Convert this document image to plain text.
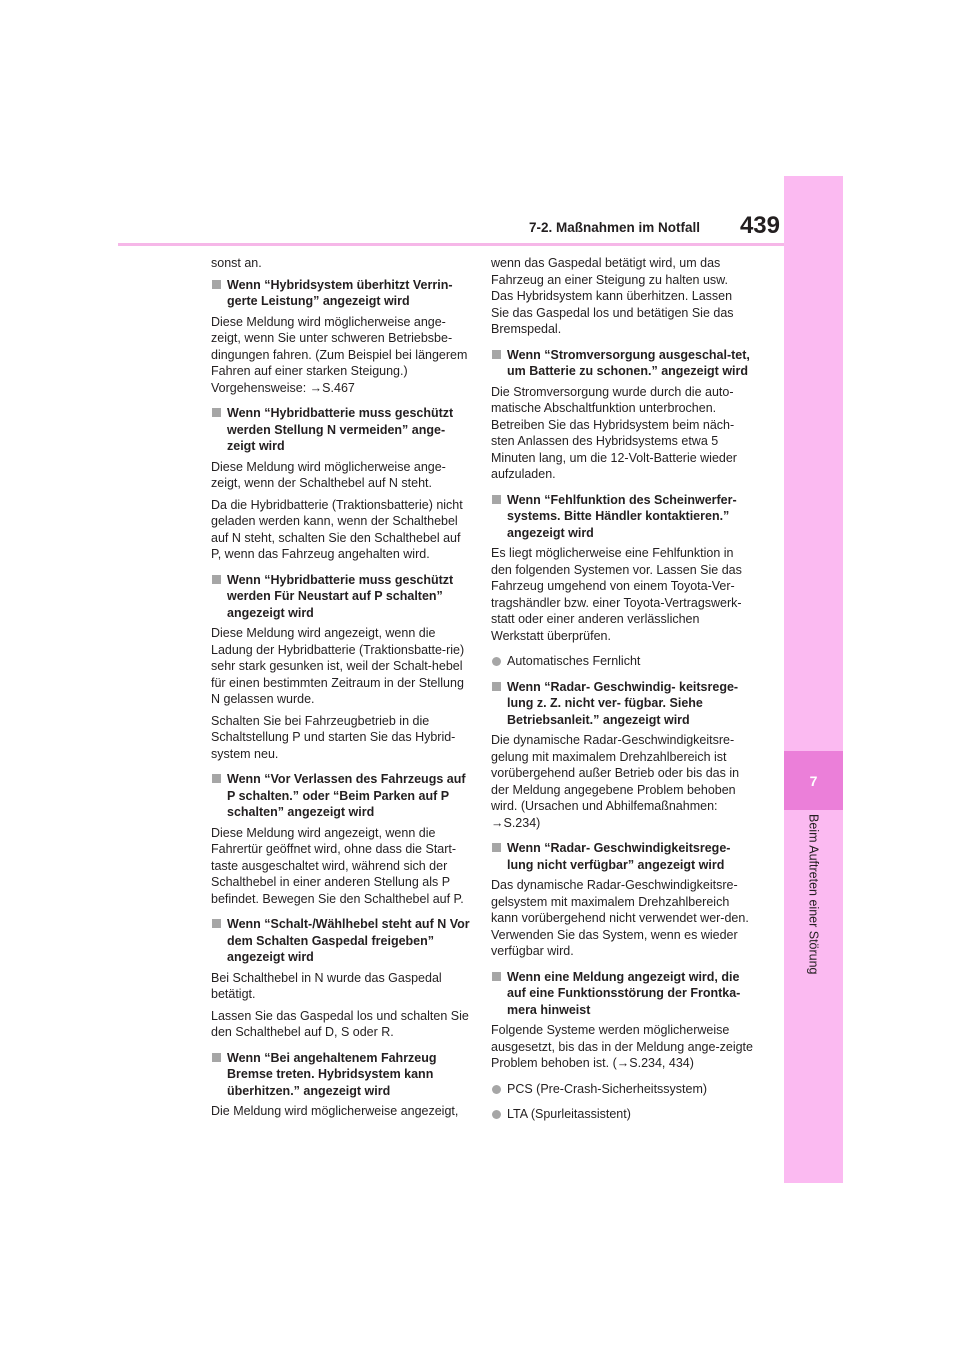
7-2. Maßnahmen im Notfall 439
7
Beim Auftreten einer Störung
sonst an.
Wenn “Hybridsystem überhitzt Verrin-gerte Leistung” angezeigt wird
Diese Meldung wird möglicherweise ange-zeigt, wenn Sie unter schweren Betriebsbe-dingungen fahren. (Zum Beispiel bei längerem Fahren auf einer starken Steigung.) Vorgehensweise: →S.467
Wenn “Hybridbatterie muss geschützt werden Stellung N vermeiden” ange-zeigt wird
Diese Meldung wird möglicherweise ange-zeigt, wenn der Schalthebel auf N steht.
Da die Hybridbatterie (Traktionsbatterie) nicht geladen werden kann, wenn der Schalthebel auf N steht, schalten Sie den Schalthebel auf P, wenn das Fahrzeug angehalten wird.
Wenn “Hybridbatterie muss geschützt werden Für Neustart auf P schalten” angezeigt wird
Diese Meldung wird angezeigt, wenn die Ladung der Hybridbatterie (Traktionsbatte-rie) sehr stark gesunken ist, weil der Schalt-hebel für einen bestimmten Zeitraum in der Stellung N gelassen wurde.
Schalten Sie bei Fahrzeugbetrieb in die Schaltstellung P und starten Sie das Hybrid-system neu.
Wenn “Vor Verlassen des Fahrzeugs auf P schalten.” oder “Beim Parken auf P schalten” angezeigt wird
Diese Meldung wird angezeigt, wenn die Fahrertür geöffnet wird, ohne dass die Start-taste ausgeschaltet wird, während sich der Schalthebel in einer anderen Stellung als P befindet. Bewegen Sie den Schalthebel auf P.
Wenn “Schalt-/Wählhebel steht auf N Vor dem Schalten Gaspedal freigeben” angezeigt wird
Bei Schalthebel in N wurde das Gaspedal betätigt.
Lassen Sie das Gaspedal los und schalten Sie den Schalthebel auf D, S oder R.
Wenn “Bei angehaltenem Fahrzeug Bremse treten. Hybridsystem kann überhitzen.” angezeigt wird
Die Meldung wird möglicherweise angezeigt,
wenn das Gaspedal betätigt wird, um das Fahrzeug an einer Steigung zu halten usw. Das Hybridsystem kann überhitzen. Lassen Sie das Gaspedal los und betätigen Sie das Bremspedal.
Wenn “Stromversorgung ausgeschal-tet, um Batterie zu schonen.” angezeigt wird
Die Stromversorgung wurde durch die auto-matische Abschaltfunktion unterbrochen. Betreiben Sie das Hybridsystem beim näch-sten Anlassen des Hybridsystems etwa 5 Minuten lang, um die 12-Volt-Batterie wieder aufzuladen.
Wenn “Fehlfunktion des Scheinwerfer-systems. Bitte Händler kontaktieren.” angezeigt wird
Es liegt möglicherweise eine Fehlfunktion in den folgenden Systemen vor. Lassen Sie das Fahrzeug umgehend von einem Toyota-Ver-tragshändler bzw. einer Toyota-Vertragswerk-statt oder einer anderen verlässlichen Werkstatt überprüfen.
Automatisches Fernlicht
Wenn “Radar- Geschwindig- keitsrege-lung z. Z. nicht ver- fügbar. Siehe Betriebsanleit.” angezeigt wird
Die dynamische Radar-Geschwindigkeitsre-gelung mit maximalem Drehzahlbereich ist vorübergehend außer Betrieb oder bis das in der Meldung angegebene Problem behoben wird. (Ursachen und Abhilfemaßnahmen: →S.234)
Wenn “Radar- Geschwindigkeitsrege-lung nicht verfügbar” angezeigt wird
Das dynamische Radar-Geschwindigkeitsre-gelsystem mit maximalem Drehzahlbereich kann vorübergehend nicht verwendet wer-den. Verwenden Sie das System, wenn es wieder verfügbar wird.
Wenn eine Meldung angezeigt wird, die auf eine Funktionsstörung der Frontka-mera hinweist
Folgende Systeme werden möglicherweise ausgesetzt, bis das in der Meldung ange-zeigte Problem behoben ist. (→S.234, 434)
PCS (Pre-Crash-Sicherheitssystem)
LTA (Spurleitassistent)
